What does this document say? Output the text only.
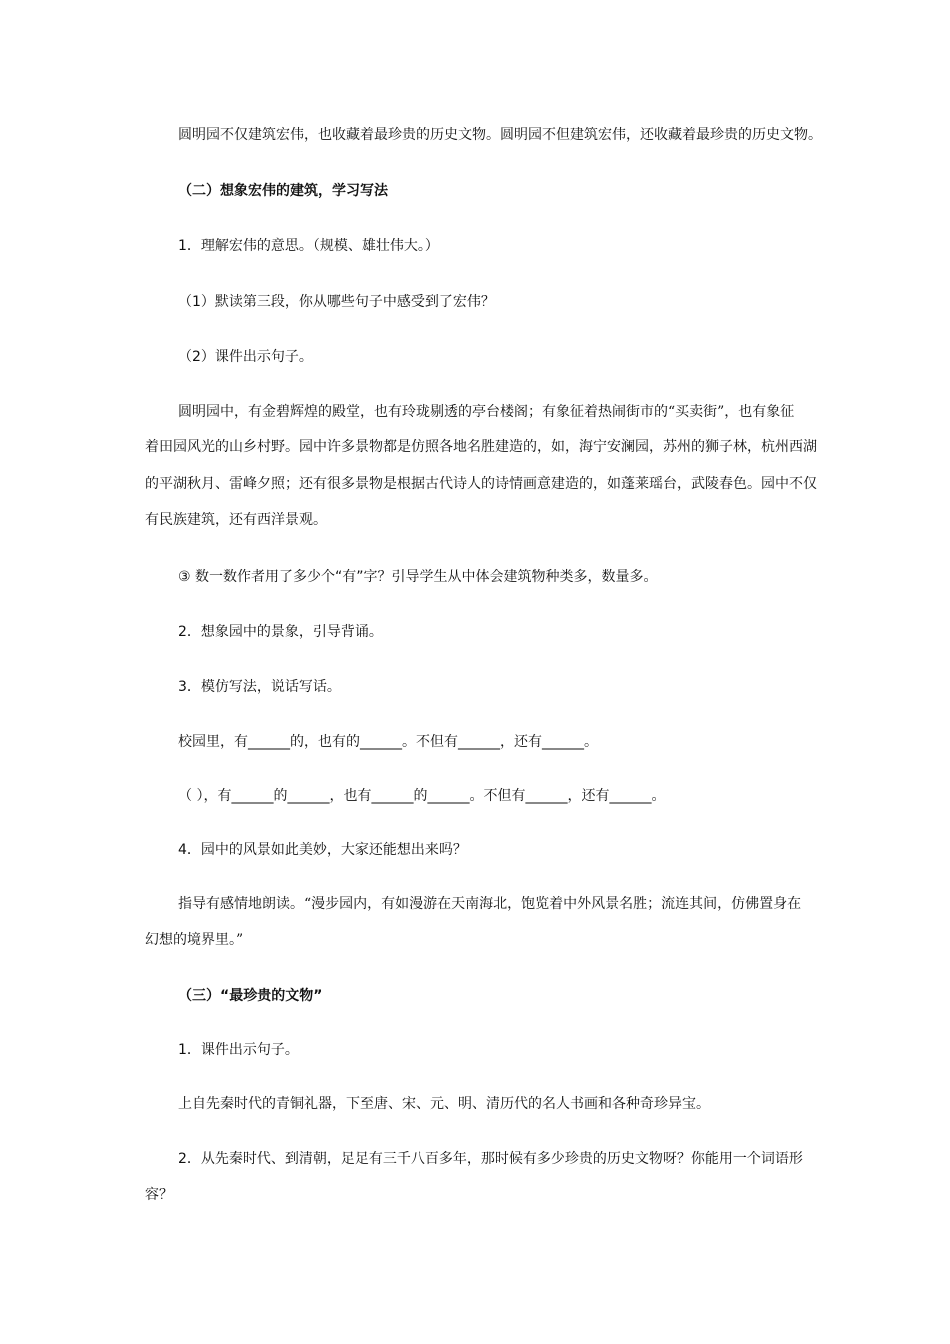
圆明园不仅建筑宏伟，也收藏着最珍贵的历史文物。圆明园不但建筑宏伟，还收藏着最珍贵的历史文物。
（二）想象宏伟的建筑，学习写法
1．理解宏伟的意思。（规模、雄壮伟大。）
（1）默读第三段，你从哪些句子中感受到了宏伟？
（2）课件出示句子。
圆明园中，有金碧辉煌的殿堂，也有玲珑剔透的亭台楼阁；有象征着热闹街市的“买卖街”，也有象征
着田园风光的山乡村野。园中许多景物都是仿照各地名胜建造的，如，海宁安澜园，苏州的狮子林，杭州西湖
的平湖秋月、雷峰夕照；还有很多景物是根据古代诗人的诗情画意建造的，如蓬莱瑶台，武陵春色。园中不仅
有民族建筑，还有西洋景观。
③ 数一数作者用了多少个“有”字？引导学生从中体会建筑物种类多，数量多。
2．想象园中的景象，引导背诵。
3．模仿写法，说话写话。
校园里，有______的，也有的______。不但有______，还有______。
（ ），有______的______，也有______的______。不但有______，还有______。
4．园中的风景如此美妙，大家还能想出来吗？
指导有感情地朗读。“漫步园内，有如漫游在天南海北，饱览着中外风景名胜；流连其间，仿佛置身在
幻想的境界里。”
（三）“最珍贵的文物”
1．课件出示句子。
上自先秦时代的青铜礼器，下至唐、宋、元、明、清历代的名人书画和各种奇珍异宝。
2．从先秦时代、到清朝，足足有三千八百多年，那时候有多少珍贵的历史文物呀？你能用一个词语形
容？
